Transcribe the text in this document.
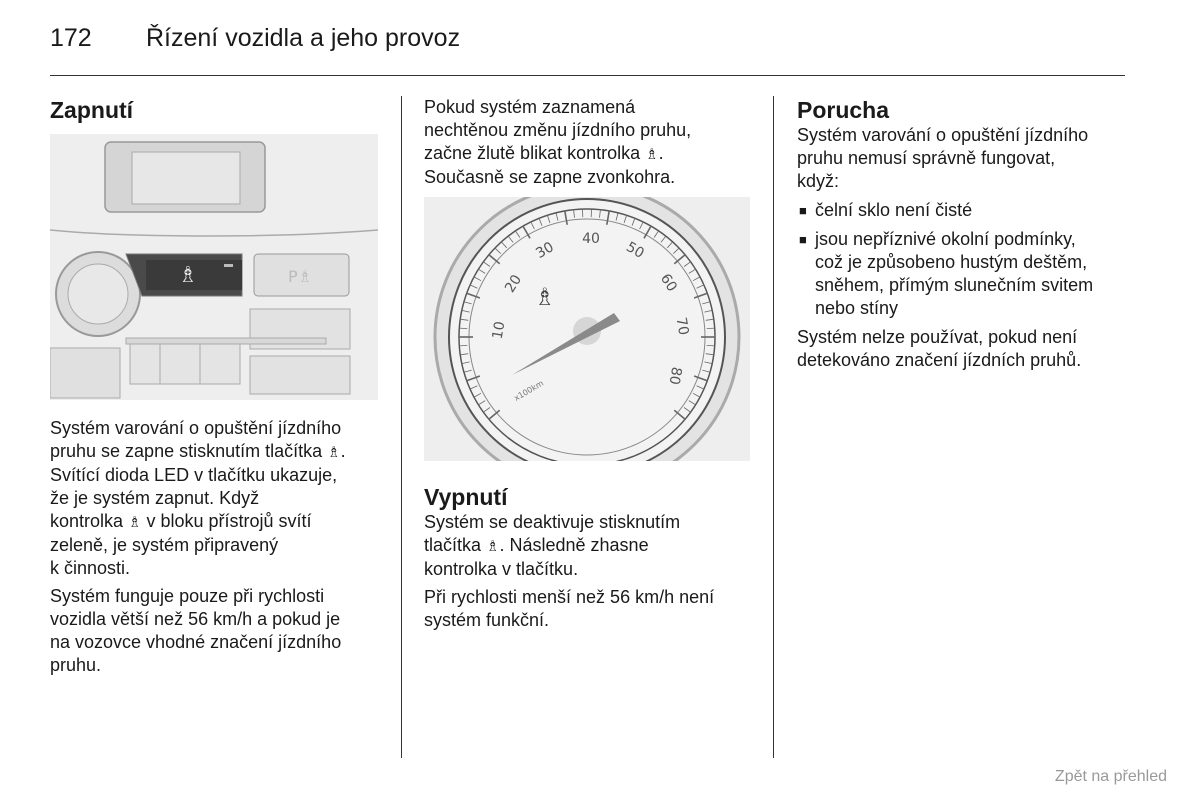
172 Řízení vozidla a jeho provoz
Zapnutí
♗	P♗

Systém varování o opuštění jízdního
pruhu se zapne stisknutím tlačítka ♗.
Svítící dioda LED v tlačítku ukazuje,
že je systém zapnut. Když
kontrolka ♗ v bloku přístrojů svítí
zeleně, je systém připravený
k činnosti.

Systém funguje pouze při rychlosti
vozidla větší než 56 km/h a pokud je
na vozovce vhodné značení jízdního
pruhu.

Pokud systém zaznamená
nechtěnou změnu jízdního pruhu,
začne žlutě blikat kontrolka ♗.
Současně se zapne zvonkohra.

10
20
30
40
50
60
70
80
x100km
♗
Vypnutí

Systém se deaktivuje stisknutím
tlačítka ♗. Následně zhasne
kontrolka v tlačítku.

Při rychlosti menší než 56 km/h není
systém funkční.

Porucha

Systém varování o opuštění jízdního
pruhu nemusí správně fungovat,
když:

■ čelní sklo není čisté
■ jsou nepříznivé okolní podmínky,
což je způsobeno hustým deštěm,
sněhem, přímým slunečním svitem
nebo stíny

Systém nelze používat, pokud není
detekováno značení jízdních pruhů.

Zpět na přehled
